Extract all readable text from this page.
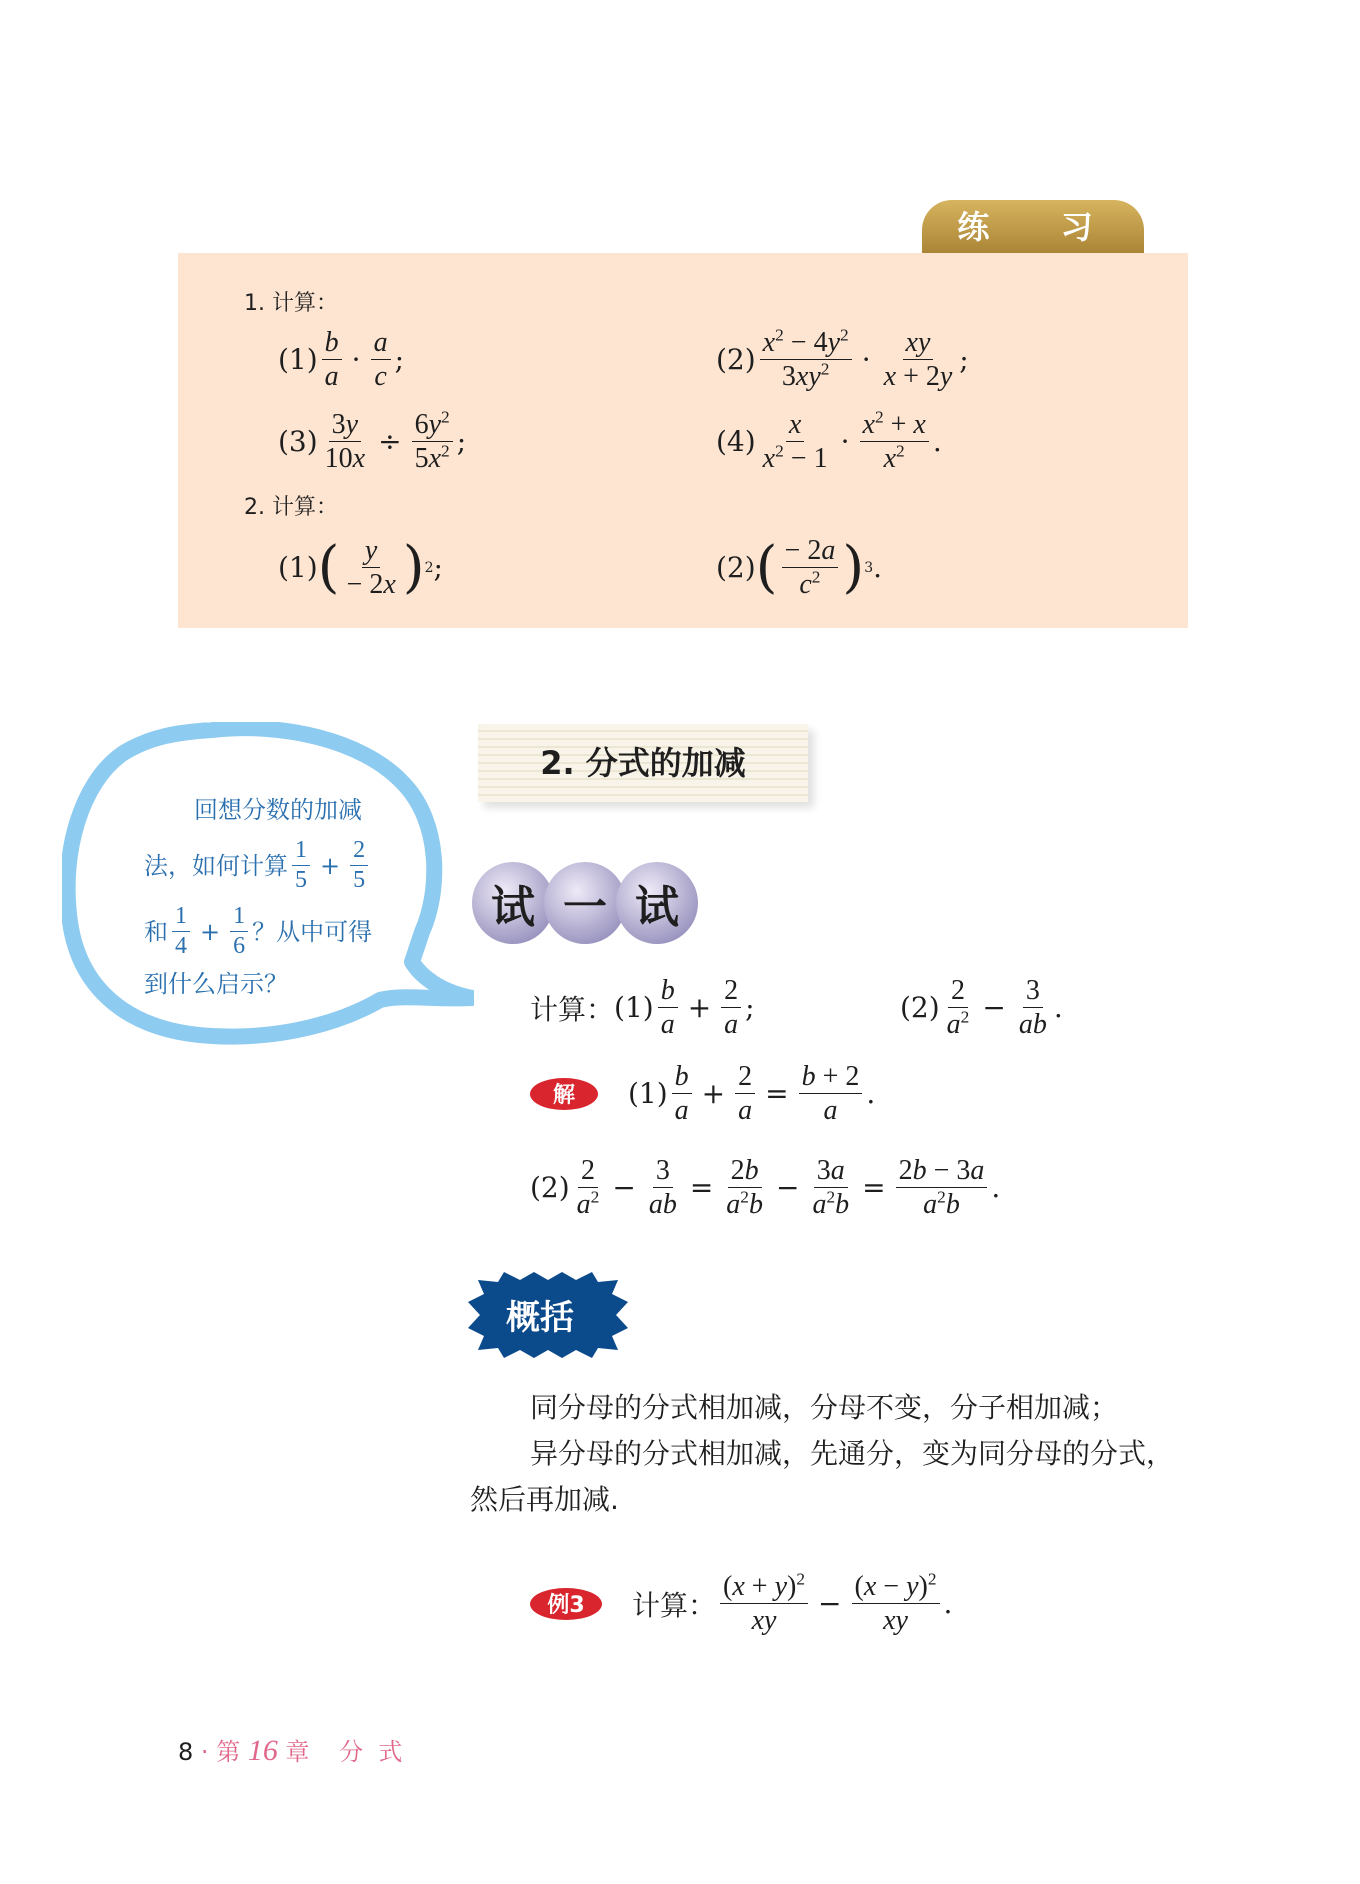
练 习
1. 计算：
$(1) \frac{b}{a} \cdot \frac{a}{c}$ ;	$(2) \frac{x^2 - 4y^2}{3xy^2} \cdot \frac{xy}{x + 2y}$ ;
$(3) \frac{3y}{10x} \div \frac{6y^2}{5x^2}$ ;	$(4) \frac{x}{x^2 - 1} \cdot \frac{x^2 + x}{x^2}$ .
2. 计算：
(1) ( $\frac{y}{- 2x}$ ) 2 ;	(2) ( $\frac{- 2a}{c^2}$ ) 3 .
回想分数的加减
法，如何计算 $\frac{1}{5} + \frac{2}{5}$
和 $\frac{1}{4} + \frac{1}{6}$ ？从中可得
到什么启示？
2. 分式的加减
试 一 试
计算： $(1) \frac{b}{a} + \frac{2}{a}$ ;	$(2) \frac{2}{a^2} - \frac{3}{ab}$ .
解	$(1) \frac{b}{a} + \frac{2}{a} = \frac{b + 2}{a}$ .
$(2) \frac{2}{a^2} - \frac{3}{ab} = \frac{2b}{a^2b} - \frac{3a}{a^2b} = \frac{2b - 3a}{a^2b}$ .
概括
同分母的分式相加减，分母不变，分子相加减；
异分母的分式相加减，先通分，变为同分母的分式，
然后再加减.
例3	计算： $\frac{(x + y)^2}{xy} - \frac{(x - y)^2}{xy}$ .
8 · 第 16 章 分  式
